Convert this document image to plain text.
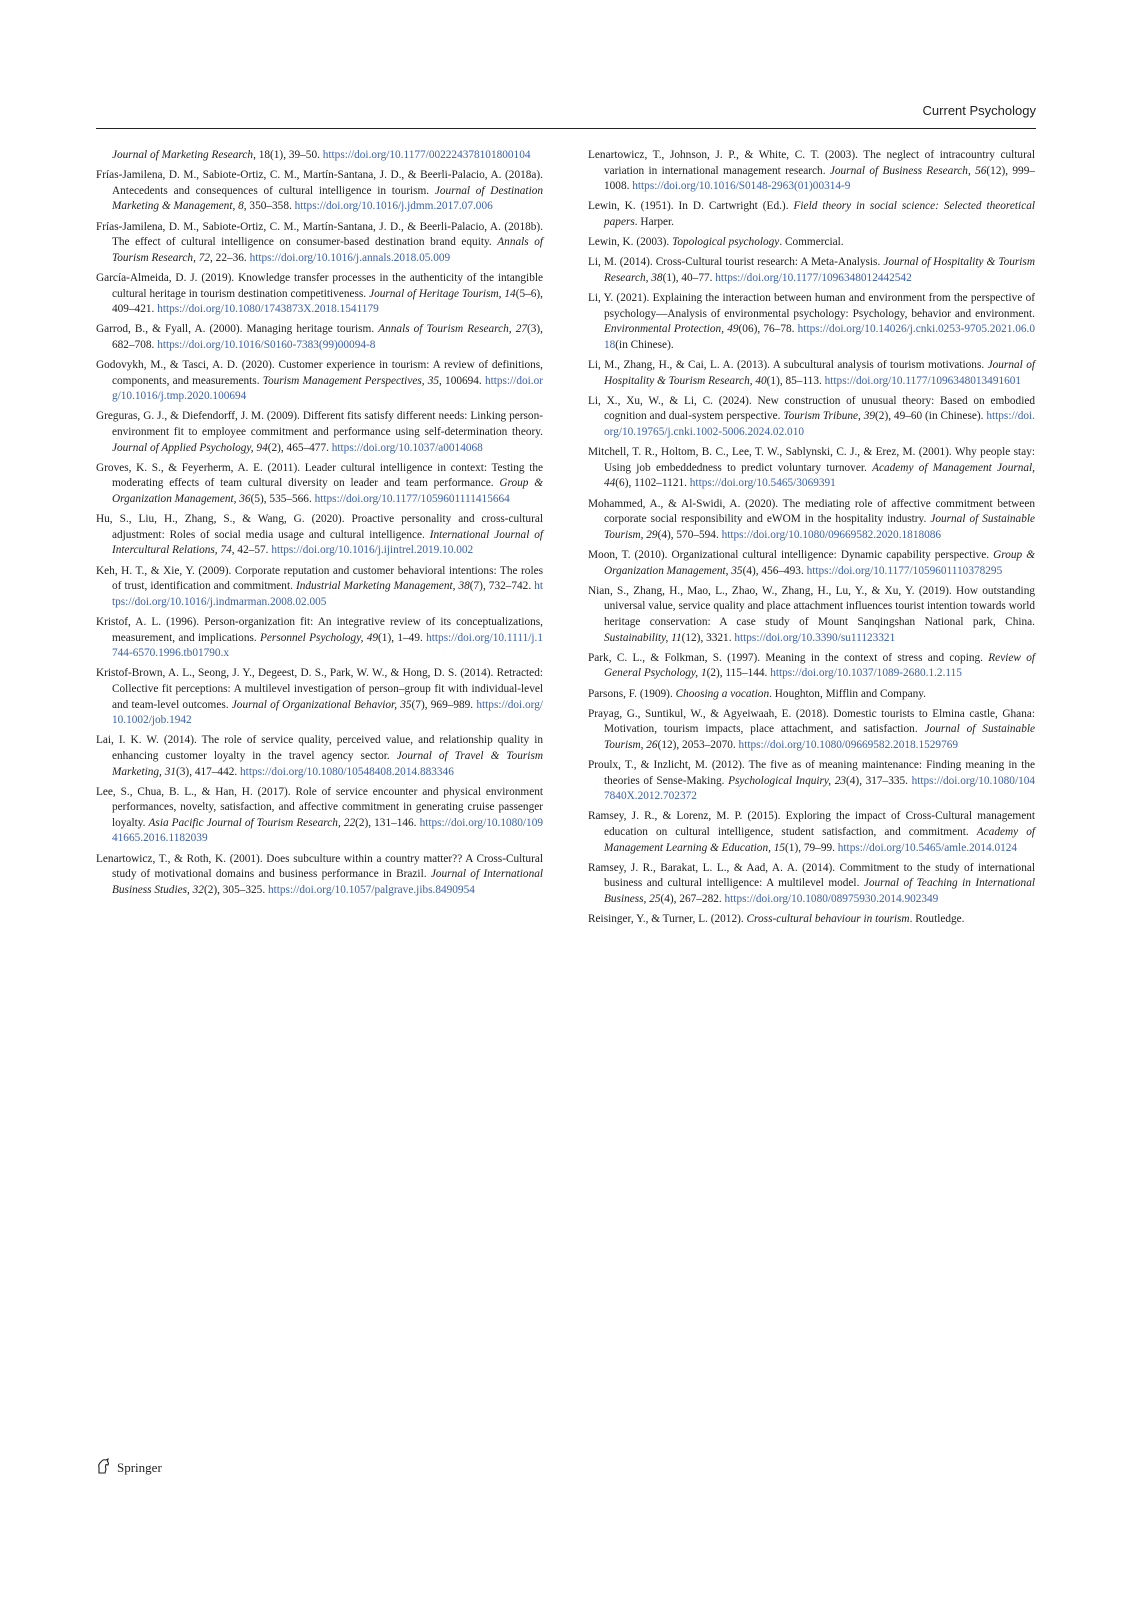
Current Psychology

Journal of Marketing Research, 18(1), 39–50. https://doi.org/10.1177/002224378101800104

Frías-Jamilena, D. M., Sabiote-Ortiz, C. M., Martín-Santana, J. D., & Beerli-Palacio, A. (2018a). Antecedents and consequences of cultural intelligence in tourism. Journal of Destination Marketing & Management, 8, 350–358. https://doi.org/10.1016/j.jdmm.2017.07.006

Frías-Jamilena, D. M., Sabiote-Ortiz, C. M., Martín-Santana, J. D., & Beerli-Palacio, A. (2018b). The effect of cultural intelligence on consumer-based destination brand equity. Annals of Tourism Research, 72, 22–36. https://doi.org/10.1016/j.annals.2018.05.009

García-Almeida, D. J. (2019). Knowledge transfer processes in the authenticity of the intangible cultural heritage in tourism destination competitiveness. Journal of Heritage Tourism, 14(5–6), 409–421. https://doi.org/10.1080/1743873X.2018.1541179

Garrod, B., & Fyall, A. (2000). Managing heritage tourism. Annals of Tourism Research, 27(3), 682–708. https://doi.org/10.1016/S0160-7383(99)00094-8

Godovykh, M., & Tasci, A. D. (2020). Customer experience in tourism: A review of definitions, components, and measurements. Tourism Management Perspectives, 35, 100694. https://doi.org/10.1016/j.tmp.2020.100694

Greguras, G. J., & Diefendorff, J. M. (2009). Different fits satisfy different needs: Linking person-environment fit to employee commitment and performance using self-determination theory. Journal of Applied Psychology, 94(2), 465–477. https://doi.org/10.1037/a0014068

Groves, K. S., & Feyerherm, A. E. (2011). Leader cultural intelligence in context: Testing the moderating effects of team cultural diversity on leader and team performance. Group & Organization Management, 36(5), 535–566. https://doi.org/10.1177/1059601111415664

Hu, S., Liu, H., Zhang, S., & Wang, G. (2020). Proactive personality and cross-cultural adjustment: Roles of social media usage and cultural intelligence. International Journal of Intercultural Relations, 74, 42–57. https://doi.org/10.1016/j.ijintrel.2019.10.002

Keh, H. T., & Xie, Y. (2009). Corporate reputation and customer behavioral intentions: The roles of trust, identification and commitment. Industrial Marketing Management, 38(7), 732–742. https://doi.org/10.1016/j.indmarman.2008.02.005

Kristof, A. L. (1996). Person-organization fit: An integrative review of its conceptualizations, measurement, and implications. Personnel Psychology, 49(1), 1–49. https://doi.org/10.1111/j.1744-6570.1996.tb01790.x

Kristof-Brown, A. L., Seong, J. Y., Degeest, D. S., Park, W. W., & Hong, D. S. (2014). Retracted: Collective fit perceptions: A multilevel investigation of person–group fit with individual-level and team-level outcomes. Journal of Organizational Behavior, 35(7), 969–989. https://doi.org/10.1002/job.1942

Lai, I. K. W. (2014). The role of service quality, perceived value, and relationship quality in enhancing customer loyalty in the travel agency sector. Journal of Travel & Tourism Marketing, 31(3), 417–442. https://doi.org/10.1080/10548408.2014.883346

Lee, S., Chua, B. L., & Han, H. (2017). Role of service encounter and physical environment performances, novelty, satisfaction, and affective commitment in generating cruise passenger loyalty. Asia Pacific Journal of Tourism Research, 22(2), 131–146. https://doi.org/10.1080/10941665.2016.1182039

Lenartowicz, T., & Roth, K. (2001). Does subculture within a country matter?? A Cross-Cultural study of motivational domains and business performance in Brazil. Journal of International Business Studies, 32(2), 305–325. https://doi.org/10.1057/palgrave.jibs.8490954

Lenartowicz, T., Johnson, J. P., & White, C. T. (2003). The neglect of intracountry cultural variation in international management research. Journal of Business Research, 56(12), 999–1008. https://doi.org/10.1016/S0148-2963(01)00314-9

Lewin, K. (1951). In D. Cartwright (Ed.). Field theory in social science: Selected theoretical papers. Harper.

Lewin, K. (2003). Topological psychology. Commercial.

Li, M. (2014). Cross-Cultural tourist research: A Meta-Analysis. Journal of Hospitality & Tourism Research, 38(1), 40–77. https://doi.org/10.1177/1096348012442542

Li, Y. (2021). Explaining the interaction between human and environment from the perspective of psychology—Analysis of environmental psychology: Psychology, behavior and environment. Environmental Protection, 49(06), 76–78. https://doi.org/10.14026/j.cnki.0253-9705.2021.06.018(in Chinese).

Li, M., Zhang, H., & Cai, L. A. (2013). A subcultural analysis of tourism motivations. Journal of Hospitality & Tourism Research, 40(1), 85–113. https://doi.org/10.1177/1096348013491601

Li, X., Xu, W., & Li, C. (2024). New construction of unusual theory: Based on embodied cognition and dual-system perspective. Tourism Tribune, 39(2), 49–60 (in Chinese). https://doi.org/10.19765/j.cnki.1002-5006.2024.02.010

Mitchell, T. R., Holtom, B. C., Lee, T. W., Sablynski, C. J., & Erez, M. (2001). Why people stay: Using job embeddedness to predict voluntary turnover. Academy of Management Journal, 44(6), 1102–1121. https://doi.org/10.5465/3069391

Mohammed, A., & Al-Swidi, A. (2020). The mediating role of affective commitment between corporate social responsibility and eWOM in the hospitality industry. Journal of Sustainable Tourism, 29(4), 570–594. https://doi.org/10.1080/09669582.2020.1818086

Moon, T. (2010). Organizational cultural intelligence: Dynamic capability perspective. Group & Organization Management, 35(4), 456–493. https://doi.org/10.1177/1059601110378295

Nian, S., Zhang, H., Mao, L., Zhao, W., Zhang, H., Lu, Y., & Xu, Y. (2019). How outstanding universal value, service quality and place attachment influences tourist intention towards world heritage conservation: A case study of Mount Sanqingshan National park, China. Sustainability, 11(12), 3321. https://doi.org/10.3390/su11123321

Park, C. L., & Folkman, S. (1997). Meaning in the context of stress and coping. Review of General Psychology, 1(2), 115–144. https://doi.org/10.1037/1089-2680.1.2.115

Parsons, F. (1909). Choosing a vocation. Houghton, Mifflin and Company.

Prayag, G., Suntikul, W., & Agyeiwaah, E. (2018). Domestic tourists to Elmina castle, Ghana: Motivation, tourism impacts, place attachment, and satisfaction. Journal of Sustainable Tourism, 26(12), 2053–2070. https://doi.org/10.1080/09669582.2018.1529769

Proulx, T., & Inzlicht, M. (2012). The five as of meaning maintenance: Finding meaning in the theories of Sense-Making. Psychological Inquiry, 23(4), 317–335. https://doi.org/10.1080/1047840X.2012.702372

Ramsey, J. R., & Lorenz, M. P. (2015). Exploring the impact of Cross-Cultural management education on cultural intelligence, student satisfaction, and commitment. Academy of Management Learning & Education, 15(1), 79–99. https://doi.org/10.5465/amle.2014.0124

Ramsey, J. R., Barakat, L. L., & Aad, A. A. (2014). Commitment to the study of international business and cultural intelligence: A multilevel model. Journal of Teaching in International Business, 25(4), 267–282. https://doi.org/10.1080/08975930.2014.902349

Reisinger, Y., & Turner, L. (2012). Cross-cultural behaviour in tourism. Routledge.

Springer
